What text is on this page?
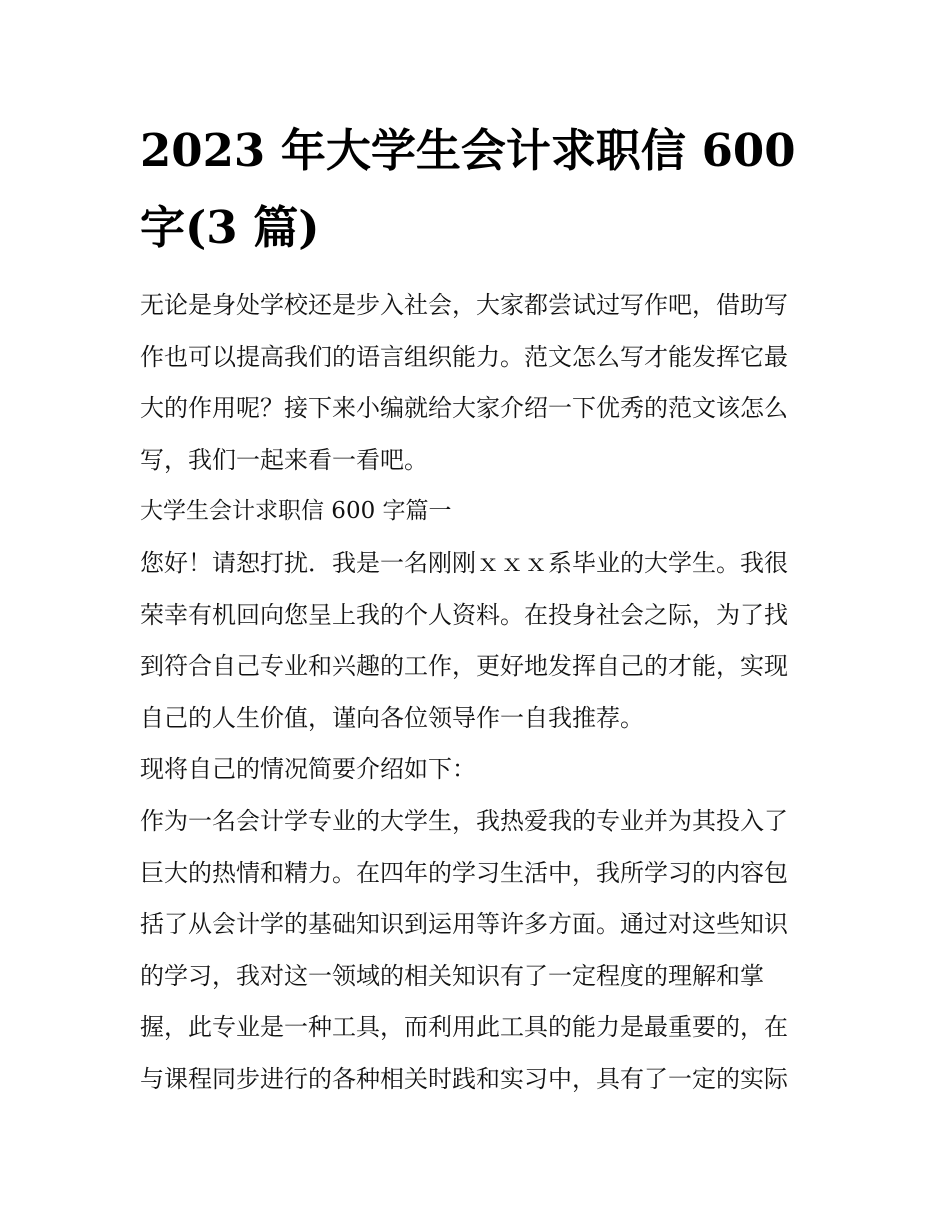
2023 年大学生会计求职信 600
字(3 篇)
无论是身处学校还是步入社会，大家都尝试过写作吧，借助写
作也可以提高我们的语言组织能力。范文怎么写才能发挥它最
大的作用呢？接下来小编就给大家介绍一下优秀的范文该怎么
写，我们一起来看一看吧。
大学生会计求职信 600 字篇一
您好！请恕打扰．我是一名刚刚ｘｘｘ系毕业的大学生。我很
荣幸有机回向您呈上我的个人资料。在投身社会之际，为了找
到符合自己专业和兴趣的工作，更好地发挥自己的才能，实现
自己的人生价值，谨向各位领导作一自我推荐。
现将自己的情况简要介绍如下：
作为一名会计学专业的大学生，我热爱我的专业并为其投入了
巨大的热情和精力。在四年的学习生活中，我所学习的内容包
括了从会计学的基础知识到运用等许多方面。通过对这些知识
的学习，我对这一领域的相关知识有了一定程度的理解和掌
握，此专业是一种工具，而利用此工具的能力是最重要的，在
与课程同步进行的各种相关时践和实习中，具有了一定的实际
